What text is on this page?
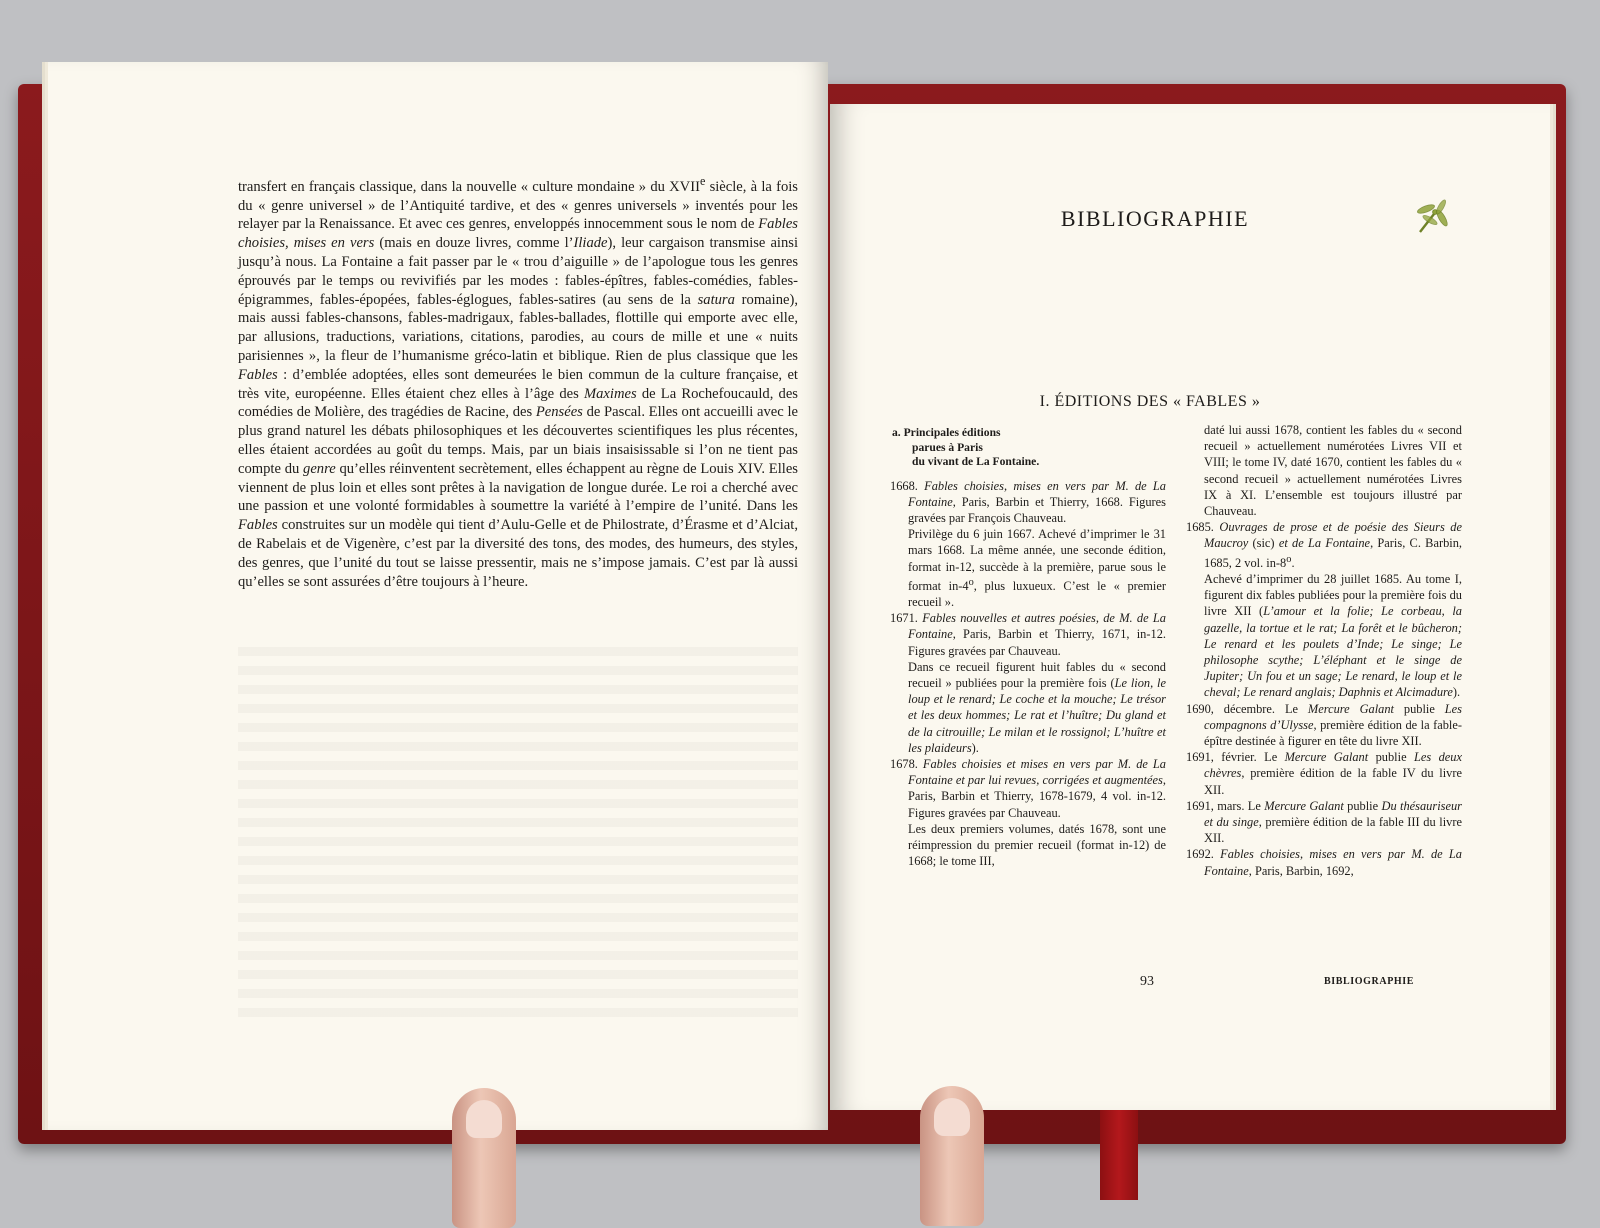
transfert en français classique, dans la nouvelle « culture mondaine » du XVIIe siècle, à la fois du « genre universel » de l’Antiquité tardive, et des « genres universels » inventés pour les relayer par la Renaissance. Et avec ces genres, enveloppés innocemment sous le nom de Fables choisies, mises en vers (mais en douze livres, comme l’Iliade), leur cargaison transmise ainsi jusqu’à nous. La Fontaine a fait passer par le « trou d’aiguille » de l’apologue tous les genres éprouvés par le temps ou revivifiés par les modes : fables-épîtres, fables-comédies, fables-épigrammes, fables-épopées, fables-églogues, fables-satires (au sens de la satura romaine), mais aussi fables-chansons, fables-madrigaux, fables-ballades, flottille qui emporte avec elle, par allusions, traductions, variations, citations, parodies, au cours de mille et une « nuits parisiennes », la fleur de l’humanisme gréco-latin et biblique. Rien de plus classique que les Fables : d’emblée adoptées, elles sont demeurées le bien commun de la culture française, et très vite, européenne. Elles étaient chez elles à l’âge des Maximes de La Rochefoucauld, des comédies de Molière, des tragédies de Racine, des Pensées de Pascal. Elles ont accueilli avec le plus grand naturel les débats philosophiques et les découvertes scientifiques les plus récentes, elles étaient accordées au goût du temps. Mais, par un biais insaisissable si l’on ne tient pas compte du genre qu’elles réinventent secrètement, elles échappent au règne de Louis XIV. Elles viennent de plus loin et elles sont prêtes à la navigation de longue durée. Le roi a cherché avec une passion et une volonté formidables à soumettre la variété à l’empire de l’unité. Dans les Fables construites sur un modèle qui tient d’Aulu-Gelle et de Philostrate, d’Érasme et d’Alciat, de Rabelais et de Vigenère, c’est par la diversité des tons, des modes, des humeurs, des styles, des genres, que l’unité du tout se laisse pressentir, mais ne s’impose jamais. C’est par là aussi qu’elles se sont assurées d’être toujours à l’heure.

BIBLIOGRAPHIE
I. ÉDITIONS DES « FABLES »
a. Principales éditions
parues à Paris
du vivant de La Fontaine.

1668. Fables choisies, mises en vers par M. de La Fontaine, Paris, Barbin et Thierry, 1668. Figures gravées par François Chauveau.

Privilège du 6 juin 1667. Achevé d’imprimer le 31 mars 1668. La même année, une seconde édition, format in-12, succède à la première, parue sous le format in-4$^o$, plus luxueux. C’est le « premier recueil ».

1671. Fables nouvelles et autres poésies, de M. de La Fontaine, Paris, Barbin et Thierry, 1671, in-12. Figures gravées par Chauveau.

Dans ce recueil figurent huit fables du « second recueil » publiées pour la première fois (Le lion, le loup et le renard; Le coche et la mouche; Le trésor et les deux hommes; Le rat et l’huître; Du gland et de la citrouille; Le milan et le rossignol; L’huître et les plaideurs).

1678. Fables choisies et mises en vers par M. de La Fontaine et par lui revues, corrigées et augmentées, Paris, Barbin et Thierry, 1678-1679, 4 vol. in-12. Figures gravées par Chauveau.

Les deux premiers volumes, datés 1678, sont une réimpression du premier recueil (format in-12) de 1668; le tome III,

daté lui aussi 1678, contient les fables du « second recueil » actuellement numérotées Livres VII et VIII; le tome IV, daté 1670, contient les fables du « second recueil » actuellement numérotées Livres IX à XI. L’ensemble est toujours illustré par Chauveau.

1685. Ouvrages de prose et de poésie des Sieurs de Maucroy (sic) et de La Fontaine, Paris, C. Barbin, 1685, 2 vol. in-8$^o$.

Achevé d’imprimer du 28 juillet 1685. Au tome I, figurent dix fables publiées pour la première fois du livre XII (L’amour et la folie; Le corbeau, la gazelle, la tortue et le rat; La forêt et le bûcheron; Le renard et les poulets d’Inde; Le singe; Le philosophe scythe; L’éléphant et le singe de Jupiter; Un fou et un sage; Le renard, le loup et le cheval; Le renard anglais; Daphnis et Alcimadure).

1690, décembre. Le Mercure Galant publie Les compagnons d’Ulysse, première édition de la fable-épître destinée à figurer en tête du livre XII.

1691, février. Le Mercure Galant publie Les deux chèvres, première édition de la fable IV du livre XII.

1691, mars. Le Mercure Galant publie Du thésauriseur et du singe, première édition de la fable III du livre XII.

1692. Fables choisies, mises en vers par M. de La Fontaine, Paris, Barbin, 1692,

93	BIBLIOGRAPHIE
